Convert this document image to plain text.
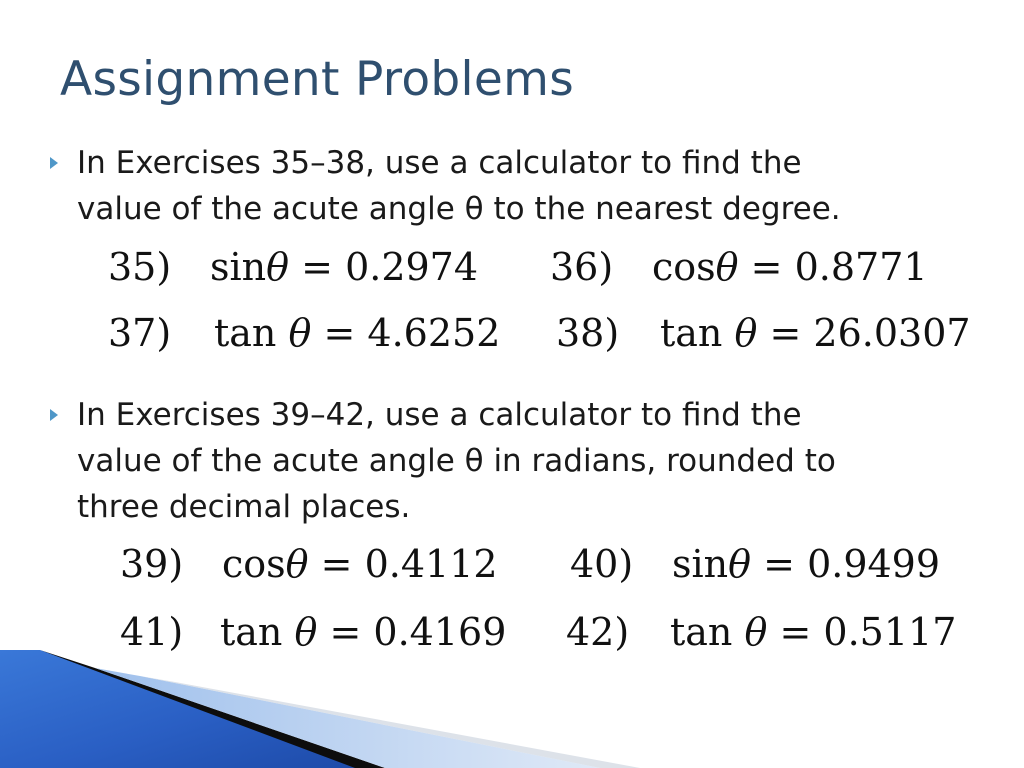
Assignment Problems
In Exercises 35–38, use a calculator to find the
value of the acute angle θ to the nearest degree.
35) sinθ = 0.2974 36) cosθ = 0.8771
37) tan θ = 4.6252 38) tan θ = 26.0307
In Exercises 39–42, use a calculator to find the
value of the acute angle θ in radians, rounded to
three decimal places.
39) cosθ = 0.4112 40) sinθ = 0.9499
41) tan θ = 0.4169 42) tan θ = 0.5117
